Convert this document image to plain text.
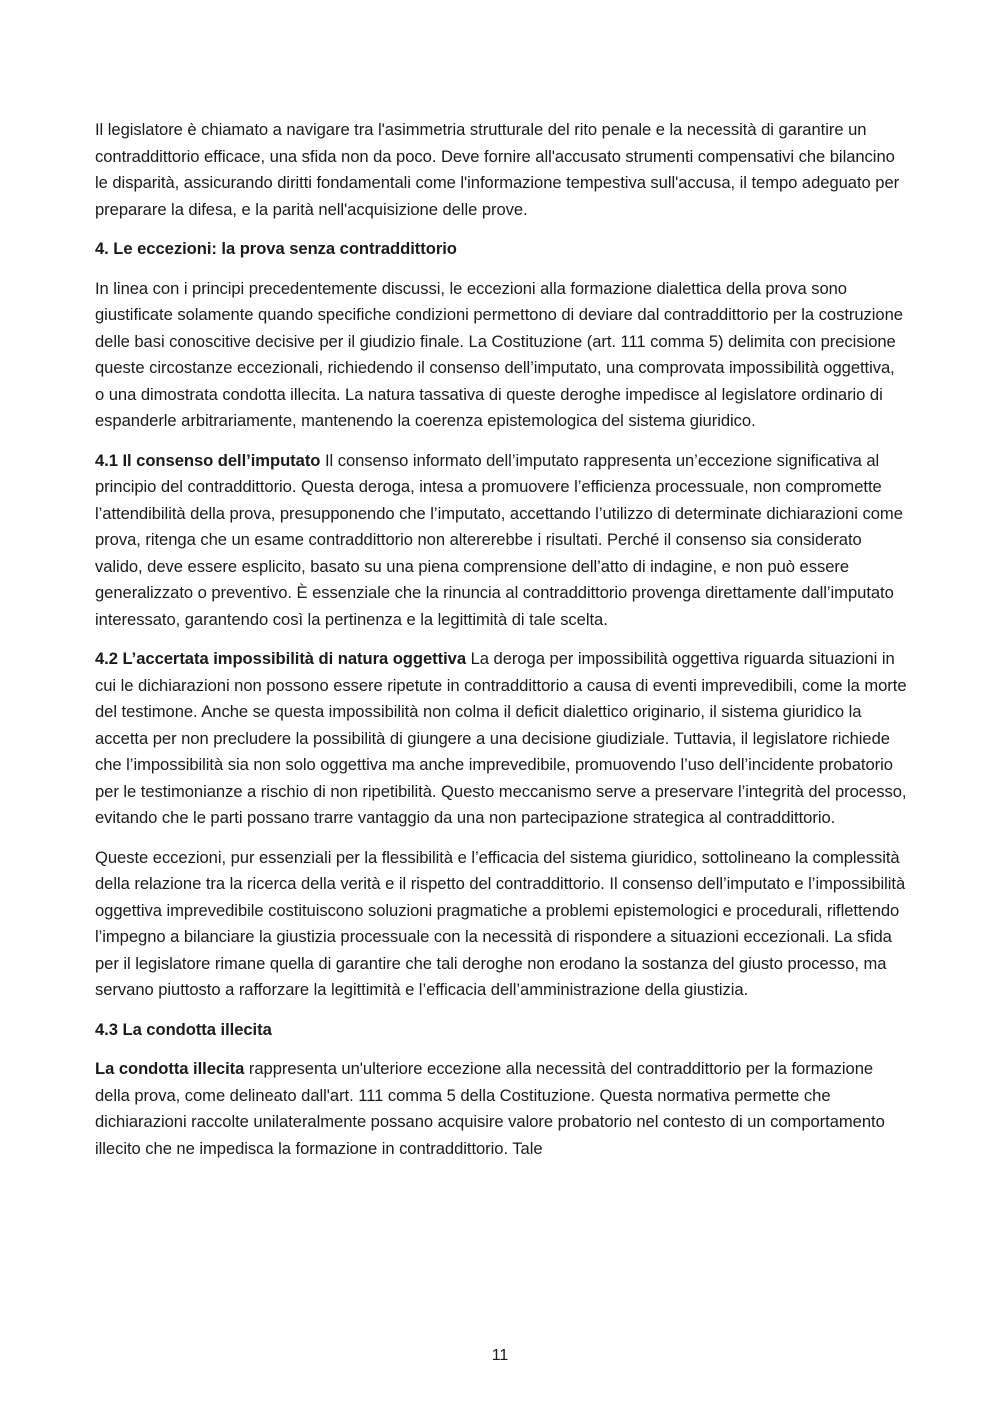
Il legislatore è chiamato a navigare tra l'asimmetria strutturale del rito penale e la necessità di garantire un contraddittorio efficace, una sfida non da poco. Deve fornire all'accusato strumenti compensativi che bilancino le disparità, assicurando diritti fondamentali come l'informazione tempestiva sull'accusa, il tempo adeguato per preparare la difesa, e la parità nell'acquisizione delle prove.

4. Le eccezioni: la prova senza contraddittorio

In linea con i principi precedentemente discussi, le eccezioni alla formazione dialettica della prova sono giustificate solamente quando specifiche condizioni permettono di deviare dal contraddittorio per la costruzione delle basi conoscitive decisive per il giudizio finale. La Costituzione (art. 111 comma 5) delimita con precisione queste circostanze eccezionali, richiedendo il consenso dell’imputato, una comprovata impossibilità oggettiva, o una dimostrata condotta illecita. La natura tassativa di queste deroghe impedisce al legislatore ordinario di espanderle arbitrariamente, mantenendo la coerenza epistemologica del sistema giuridico.

4.1 Il consenso dell’imputato Il consenso informato dell’imputato rappresenta un’eccezione significativa al principio del contraddittorio. Questa deroga, intesa a promuovere l’efficienza processuale, non compromette l’attendibilità della prova, presupponendo che l’imputato, accettando l’utilizzo di determinate dichiarazioni come prova, ritenga che un esame contraddittorio non altererebbe i risultati. Perché il consenso sia considerato valido, deve essere esplicito, basato su una piena comprensione dell’atto di indagine, e non può essere generalizzato o preventivo. È essenziale che la rinuncia al contraddittorio provenga direttamente dall’imputato interessato, garantendo così la pertinenza e la legittimità di tale scelta.

4.2 L’accertata impossibilità di natura oggettiva La deroga per impossibilità oggettiva riguarda situazioni in cui le dichiarazioni non possono essere ripetute in contraddittorio a causa di eventi imprevedibili, come la morte del testimone. Anche se questa impossibilità non colma il deficit dialettico originario, il sistema giuridico la accetta per non precludere la possibilità di giungere a una decisione giudiziale. Tuttavia, il legislatore richiede che l’impossibilità sia non solo oggettiva ma anche imprevedibile, promuovendo l’uso dell’incidente probatorio per le testimonianze a rischio di non ripetibilità. Questo meccanismo serve a preservare l’integrità del processo, evitando che le parti possano trarre vantaggio da una non partecipazione strategica al contraddittorio.

Queste eccezioni, pur essenziali per la flessibilità e l’efficacia del sistema giuridico, sottolineano la complessità della relazione tra la ricerca della verità e il rispetto del contraddittorio. Il consenso dell’imputato e l’impossibilità oggettiva imprevedibile costituiscono soluzioni pragmatiche a problemi epistemologici e procedurali, riflettendo l’impegno a bilanciare la giustizia processuale con la necessità di rispondere a situazioni eccezionali. La sfida per il legislatore rimane quella di garantire che tali deroghe non erodano la sostanza del giusto processo, ma servano piuttosto a rafforzare la legittimità e l’efficacia dell’amministrazione della giustizia.

4.3 La condotta illecita

La condotta illecita rappresenta un'ulteriore eccezione alla necessità del contraddittorio per la formazione della prova, come delineato dall'art. 111 comma 5 della Costituzione. Questa normativa permette che dichiarazioni raccolte unilateralmente possano acquisire valore probatorio nel contesto di un comportamento illecito che ne impedisca la formazione in contraddittorio. Tale

11
